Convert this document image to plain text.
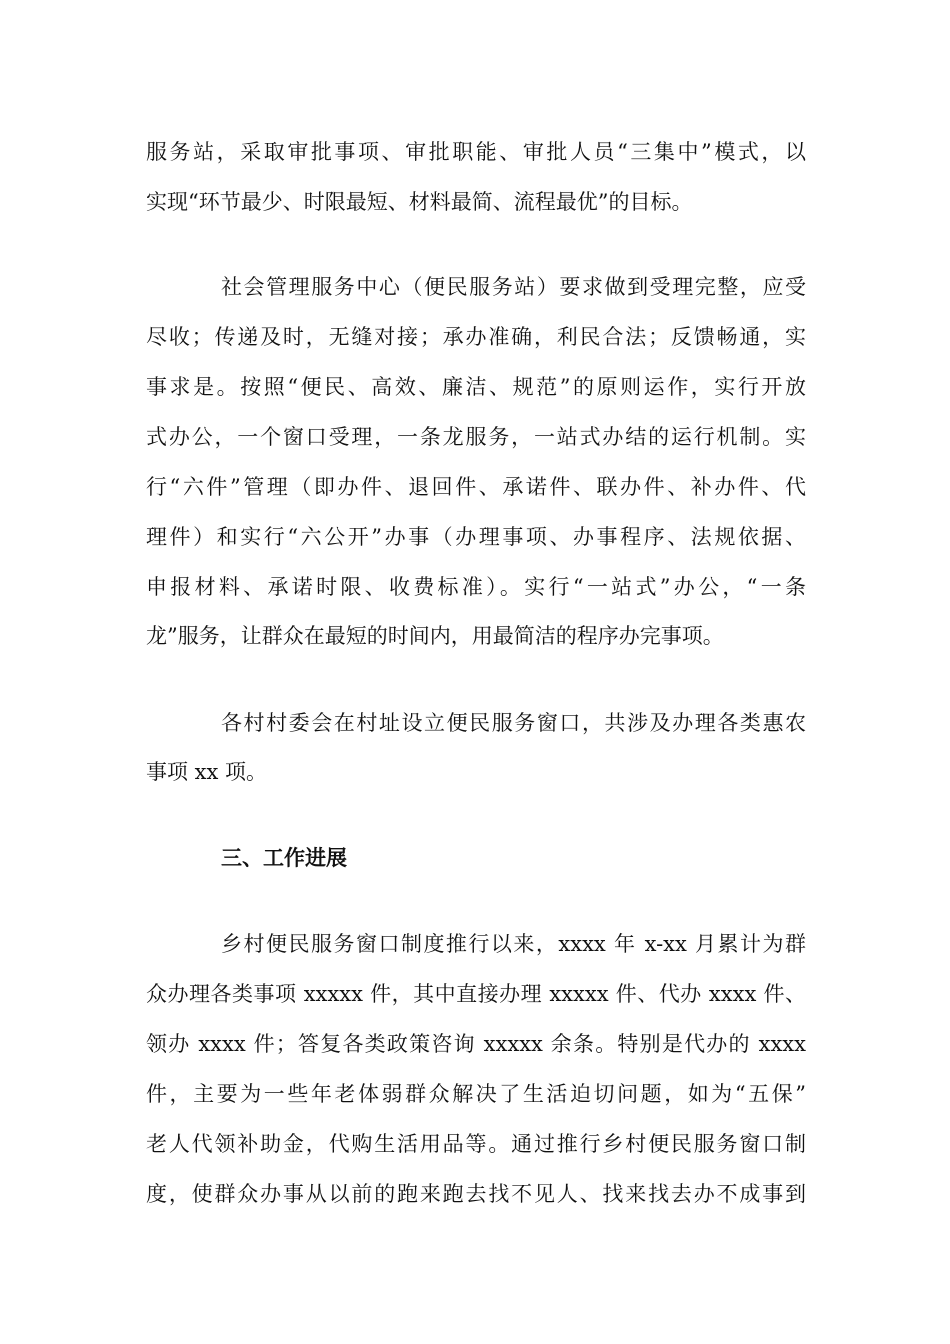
服务站，采取审批事项、审批职能、审批人员“三集中”模式，以
实现“环节最少、时限最短、材料最简、流程最优”的目标。
社会管理服务中心（便民服务站）要求做到受理完整，应受
尽收；传递及时，无缝对接；承办准确，利民合法；反馈畅通，实
事求是。按照“便民、高效、廉洁、规范”的原则运作，实行开放
式办公，一个窗口受理，一条龙服务，一站式办结的运行机制。实
行“六件”管理（即办件、退回件、承诺件、联办件、补办件、代
理件）和实行“六公开”办事（办理事项、办事程序、法规依据、
申报材料、承诺时限、收费标准）。实行“一站式”办公，“一条
龙”服务，让群众在最短的时间内，用最简洁的程序办完事项。
各村村委会在村址设立便民服务窗口，共涉及办理各类惠农
事项 xx 项。
三、工作进展
乡村便民服务窗口制度推行以来，xxxx 年 x-xx 月累计为群
众办理各类事项 xxxxx 件，其中直接办理 xxxxx 件、代办 xxxx 件、
领办 xxxx 件；答复各类政策咨询 xxxxx 余条。特别是代办的 xxxx
件，主要为一些年老体弱群众解决了生活迫切问题，如为“五保”
老人代领补助金，代购生活用品等。通过推行乡村便民服务窗口制
度，使群众办事从以前的跑来跑去找不见人、找来找去办不成事到
